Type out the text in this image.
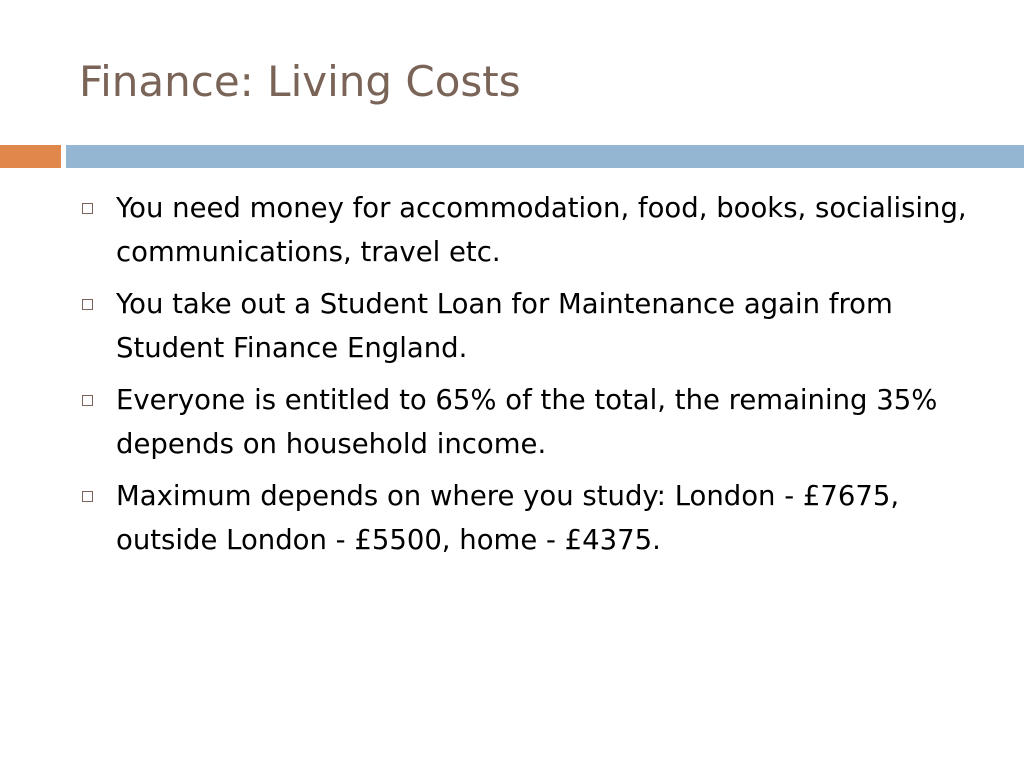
Finance: Living Costs
You need money for accommodation, food, books, socialising, communications, travel etc.
You take out a Student Loan for Maintenance again from Student Finance England.
Everyone is entitled to 65% of the total, the remaining 35% depends on household income.
Maximum depends on where you study: London - £7675, outside London - £5500, home - £4375.
